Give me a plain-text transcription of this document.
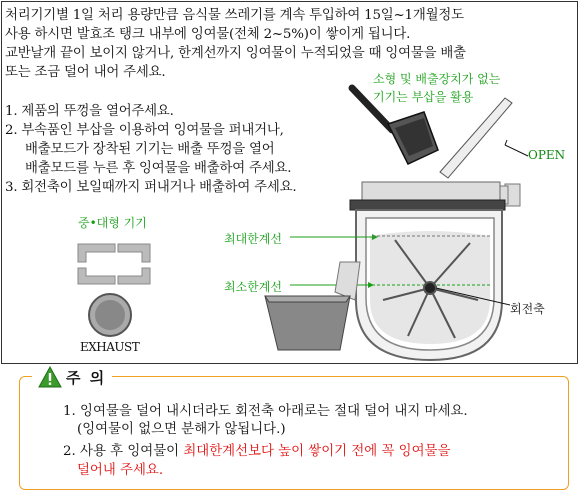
처리기기별 1일 처리 용량만큼 음식물 쓰레기를 계속 투입하여 15일~1개월정도
사용 하시면 발효조 탱크 내부에 잉여물(전체 2~5%)이 쌓이게 됩니다.
교반날개 끝이 보이지 않거나, 한계선까지 잉여물이 누적되었을 때 잉여물을 배출
또는 조금 덜어 내어 주세요.
1. 제품의 뚜껑을 열어주세요.
2. 부속품인 부삽을 이용하여 잉여물을 퍼내거나,
배출모드가 장착된 기기는 배출 뚜껑을 열어
배출모드를 누른 후 잉여물을 배출하여 주세요.
3. 회전축이 보일때까지 퍼내거나 배출하여 주세요.
소형 및 배출장치가 없는
기기는 부삽을 활용
최대한계선
최소한계선
중•대형 기기
OPEN
회전축
EXHAUST
주 의
1. 잉여물을 덜어 내시더라도 회전축 아래로는 절대 덜어 내지 마세요.
(잉여물이 없으면 분해가 않됩니다.)
2. 사용 후 잉여물이 최대한계선보다 높이 쌓이기 전에 꼭 잉여물을
덜어내 주세요.
